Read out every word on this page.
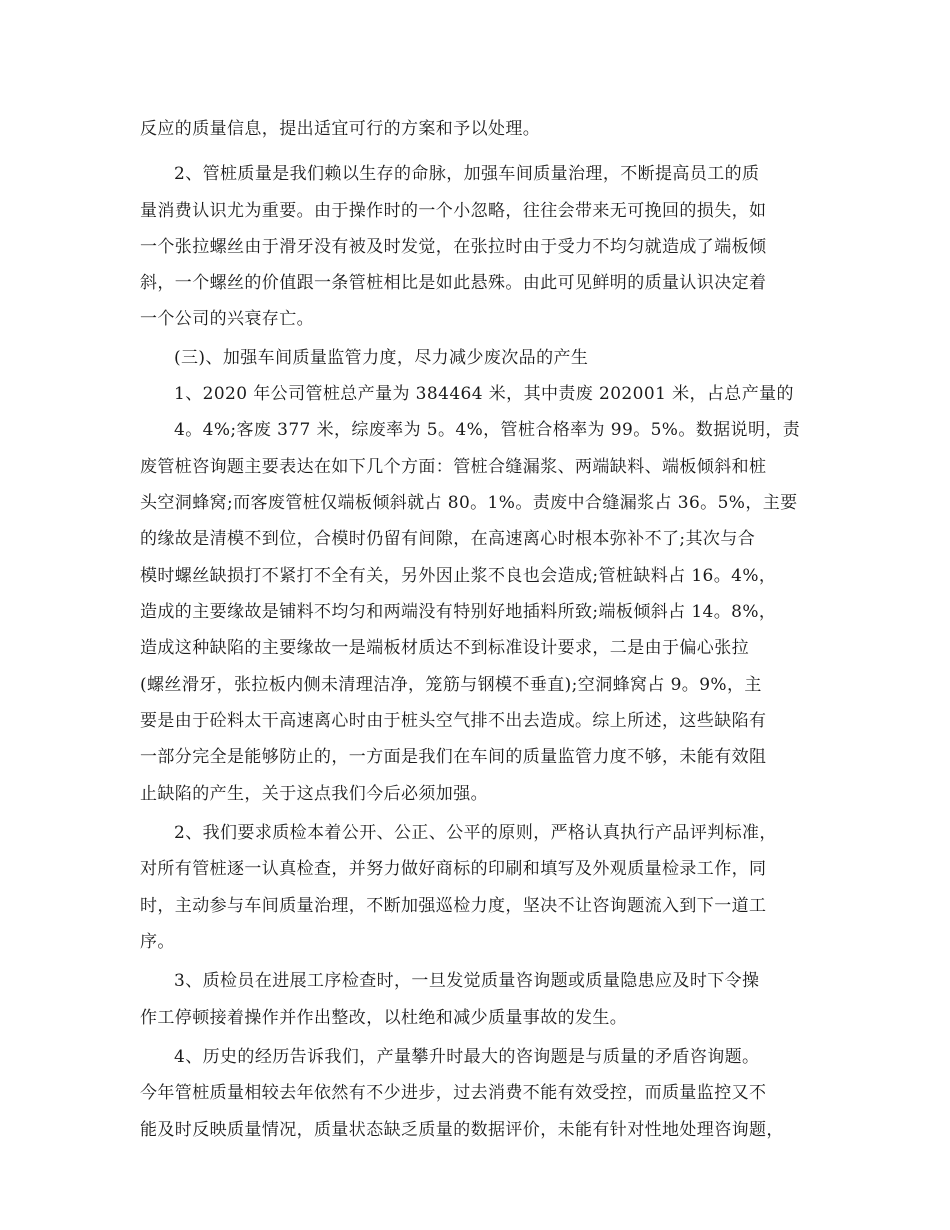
反应的质量信息，提出适宜可行的方案和予以处理。
2、管桩质量是我们赖以生存的命脉，加强车间质量治理，不断提高员工的质
量消费认识尤为重要。由于操作时的一个小忽略，往往会带来无可挽回的损失，如
一个张拉螺丝由于滑牙没有被及时发觉，在张拉时由于受力不均匀就造成了端板倾
斜，一个螺丝的价值跟一条管桩相比是如此悬殊。由此可见鲜明的质量认识决定着
一个公司的兴衰存亡。
(三)、加强车间质量监管力度，尽力减少废次品的产生
1、2020 年公司管桩总产量为 384464 米，其中责废 202001 米，占总产量的
4。4%;客废 377 米，综废率为 5。4%，管桩合格率为 99。5%。数据说明，责
废管桩咨询题主要表达在如下几个方面：管桩合缝漏浆、两端缺料、端板倾斜和桩
头空洞蜂窝;而客废管桩仅端板倾斜就占 80。1%。责废中合缝漏浆占 36。5%，主要
的缘故是清模不到位，合模时仍留有间隙，在高速离心时根本弥补不了;其次与合
模时螺丝缺损打不紧打不全有关，另外因止浆不良也会造成;管桩缺料占 16。4%，
造成的主要缘故是铺料不均匀和两端没有特别好地插料所致;端板倾斜占 14。8%，
造成这种缺陷的主要缘故一是端板材质达不到标准设计要求，二是由于偏心张拉
(螺丝滑牙，张拉板内侧未清理洁净，笼筋与钢模不垂直);空洞蜂窝占 9。9%，主
要是由于砼料太干高速离心时由于桩头空气排不出去造成。综上所述，这些缺陷有
一部分完全是能够防止的，一方面是我们在车间的质量监管力度不够，未能有效阻
止缺陷的产生，关于这点我们今后必须加强。
2、我们要求质检本着公开、公正、公平的原则，严格认真执行产品评判标准，
对所有管桩逐一认真检查，并努力做好商标的印刷和填写及外观质量检录工作，同
时，主动参与车间质量治理，不断加强巡检力度，坚决不让咨询题流入到下一道工
序。
3、质检员在进展工序检查时，一旦发觉质量咨询题或质量隐患应及时下令操
作工停顿接着操作并作出整改，以杜绝和减少质量事故的发生。
4、历史的经历告诉我们，产量攀升时最大的咨询题是与质量的矛盾咨询题。
今年管桩质量相较去年依然有不少进步，过去消费不能有效受控，而质量监控又不
能及时反映质量情况，质量状态缺乏质量的数据评价，未能有针对性地处理咨询题，
